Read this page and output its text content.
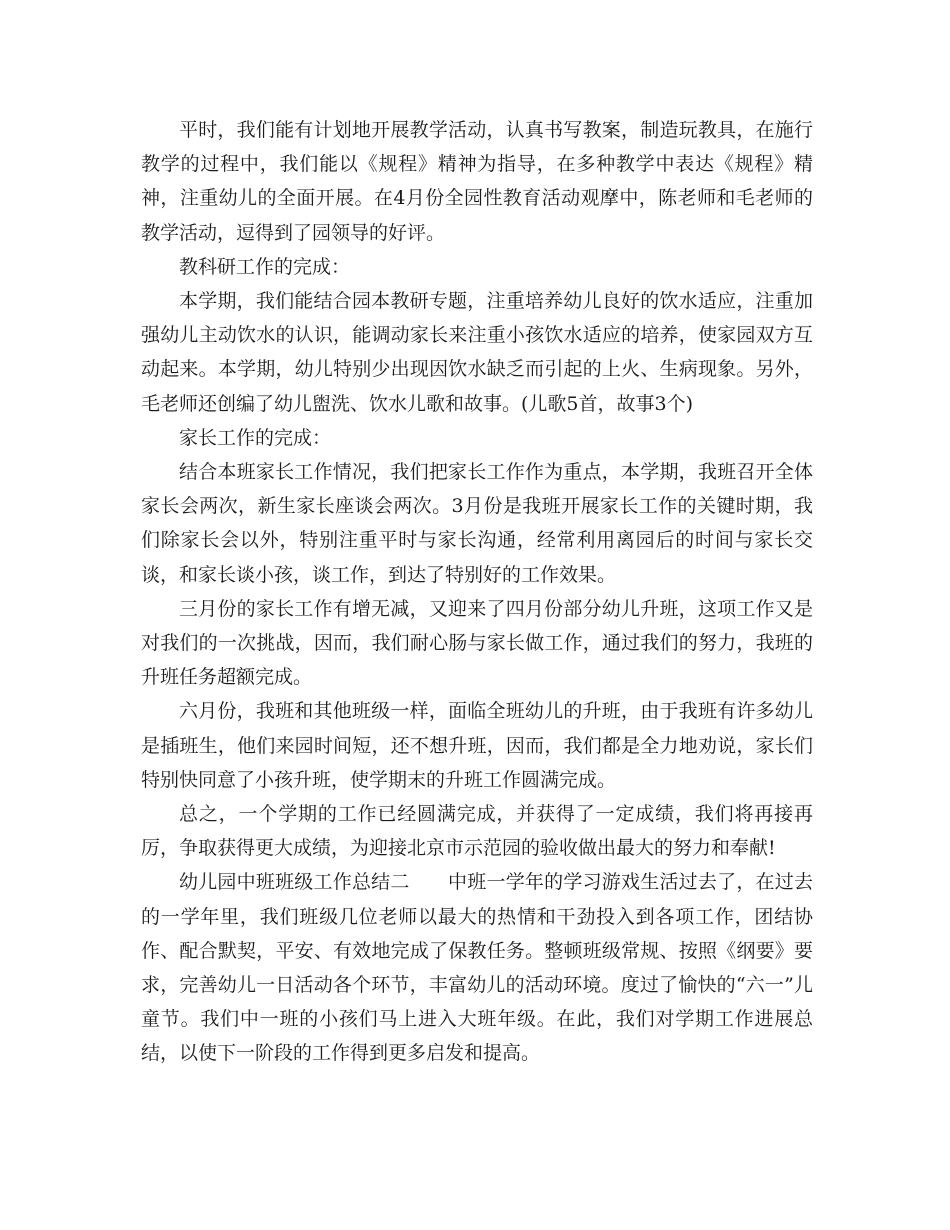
平时，我们能有计划地开展教学活动，认真书写教案，制造玩教具，在施行教学的过程中，我们能以《规程》精神为指导，在多种教学中表达《规程》精神，注重幼儿的全面开展。在4月份全园性教育活动观摩中，陈老师和毛老师的教学活动，逗得到了园领导的好评。

教科研工作的完成：

本学期，我们能结合园本教研专题，注重培养幼儿良好的饮水适应，注重加强幼儿主动饮水的认识，能调动家长来注重小孩饮水适应的培养，使家园双方互动起来。本学期，幼儿特别少出现因饮水缺乏而引起的上火、生病现象。另外，毛老师还创编了幼儿盥洗、饮水儿歌和故事。(儿歌5首，故事3个)

家长工作的完成：

结合本班家长工作情况，我们把家长工作作为重点，本学期，我班召开全体家长会两次，新生家长座谈会两次。3月份是我班开展家长工作的关键时期，我们除家长会以外，特别注重平时与家长沟通，经常利用离园后的时间与家长交谈，和家长谈小孩，谈工作，到达了特别好的工作效果。

三月份的家长工作有增无减，又迎来了四月份部分幼儿升班，这项工作又是对我们的一次挑战，因而，我们耐心肠与家长做工作，通过我们的努力，我班的升班任务超额完成。

六月份，我班和其他班级一样，面临全班幼儿的升班，由于我班有许多幼儿是插班生，他们来园时间短，还不想升班，因而，我们都是全力地劝说，家长们特别快同意了小孩升班，使学期末的升班工作圆满完成。

总之，一个学期的工作已经圆满完成，并获得了一定成绩，我们将再接再厉，争取获得更大成绩，为迎接北京市示范园的验收做出最大的努力和奉献!

幼儿园中班班级工作总结二　　中班一学年的学习游戏生活过去了，在过去的一学年里，我们班级几位老师以最大的热情和干劲投入到各项工作，团结协作、配合默契，平安、有效地完成了保教任务。整顿班级常规、按照《纲要》要求，完善幼儿一日活动各个环节，丰富幼儿的活动环境。度过了愉快的“六一”儿童节。我们中一班的小孩们马上进入大班年级。在此，我们对学期工作进展总结，以使下一阶段的工作得到更多启发和提高。
